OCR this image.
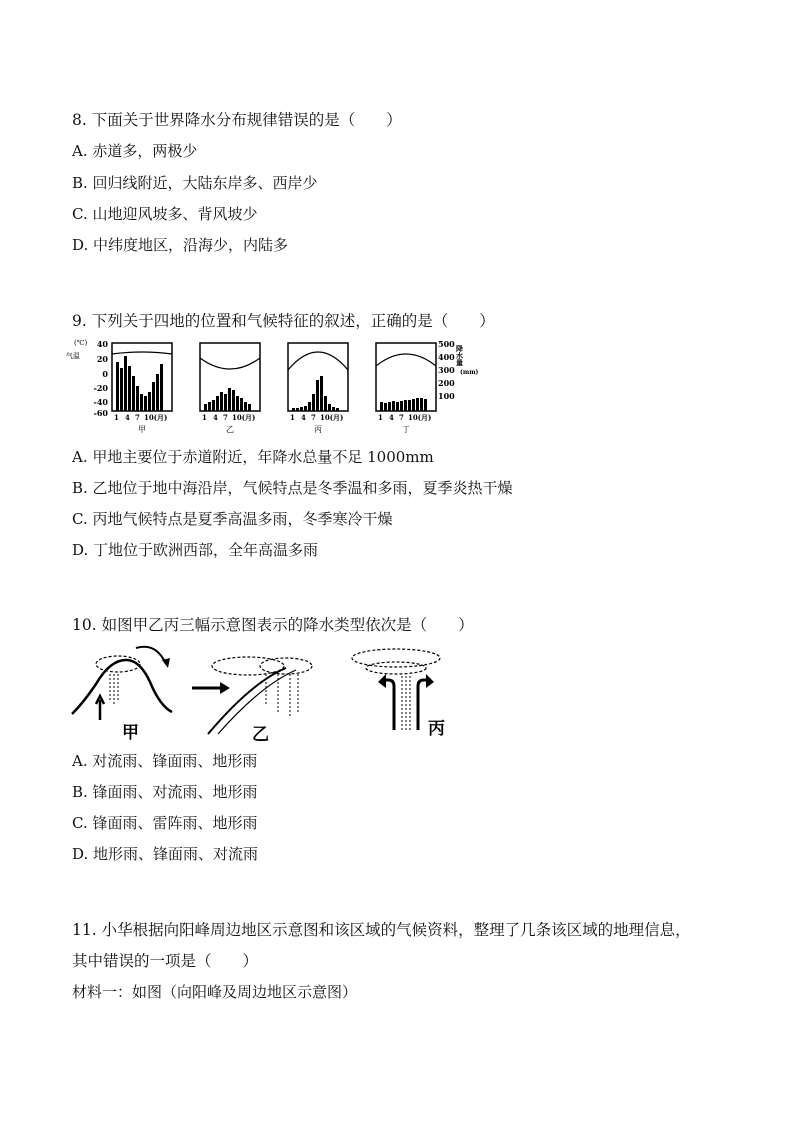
8. 下面关于世界降水分布规律错误的是（　　）
A. 赤道多，两极少
B. 回归线附近，大陆东岸多、西岸少
C. 山地迎风坡多、背风坡少
D. 中纬度地区，沿海少，内陆多
9. 下列关于四地的位置和气候特征的叙述，正确的是（　　）
(℃)
气温
40
20
0
-20
-40
-60 1 4 7 10(月)
甲
1 4 7 10(月)
乙
1 4 7 10(月)
丙
1 4 7 10(月)
丁
500
400
300
200
100
降水量
(mm)
A. 甲地主要位于赤道附近，年降水总量不足 1000mm
B. 乙地位于地中海沿岸，气候特点是冬季温和多雨，夏季炎热干燥
C. 丙地气候特点是夏季高温多雨，冬季寒冷干燥
D. 丁地位于欧洲西部，全年高温多雨
10. 如图甲乙丙三幅示意图表示的降水类型依次是（　　）
甲	乙	丙
A. 对流雨、锋面雨、地形雨
B. 锋面雨、对流雨、地形雨
C. 锋面雨、雷阵雨、地形雨
D. 地形雨、锋面雨、对流雨
11. 小华根据向阳峰周边地区示意图和该区域的气候资料，整理了几条该区域的地理信息，
其中错误的一项是（　　）
材料一：如图（向阳峰及周边地区示意图）
